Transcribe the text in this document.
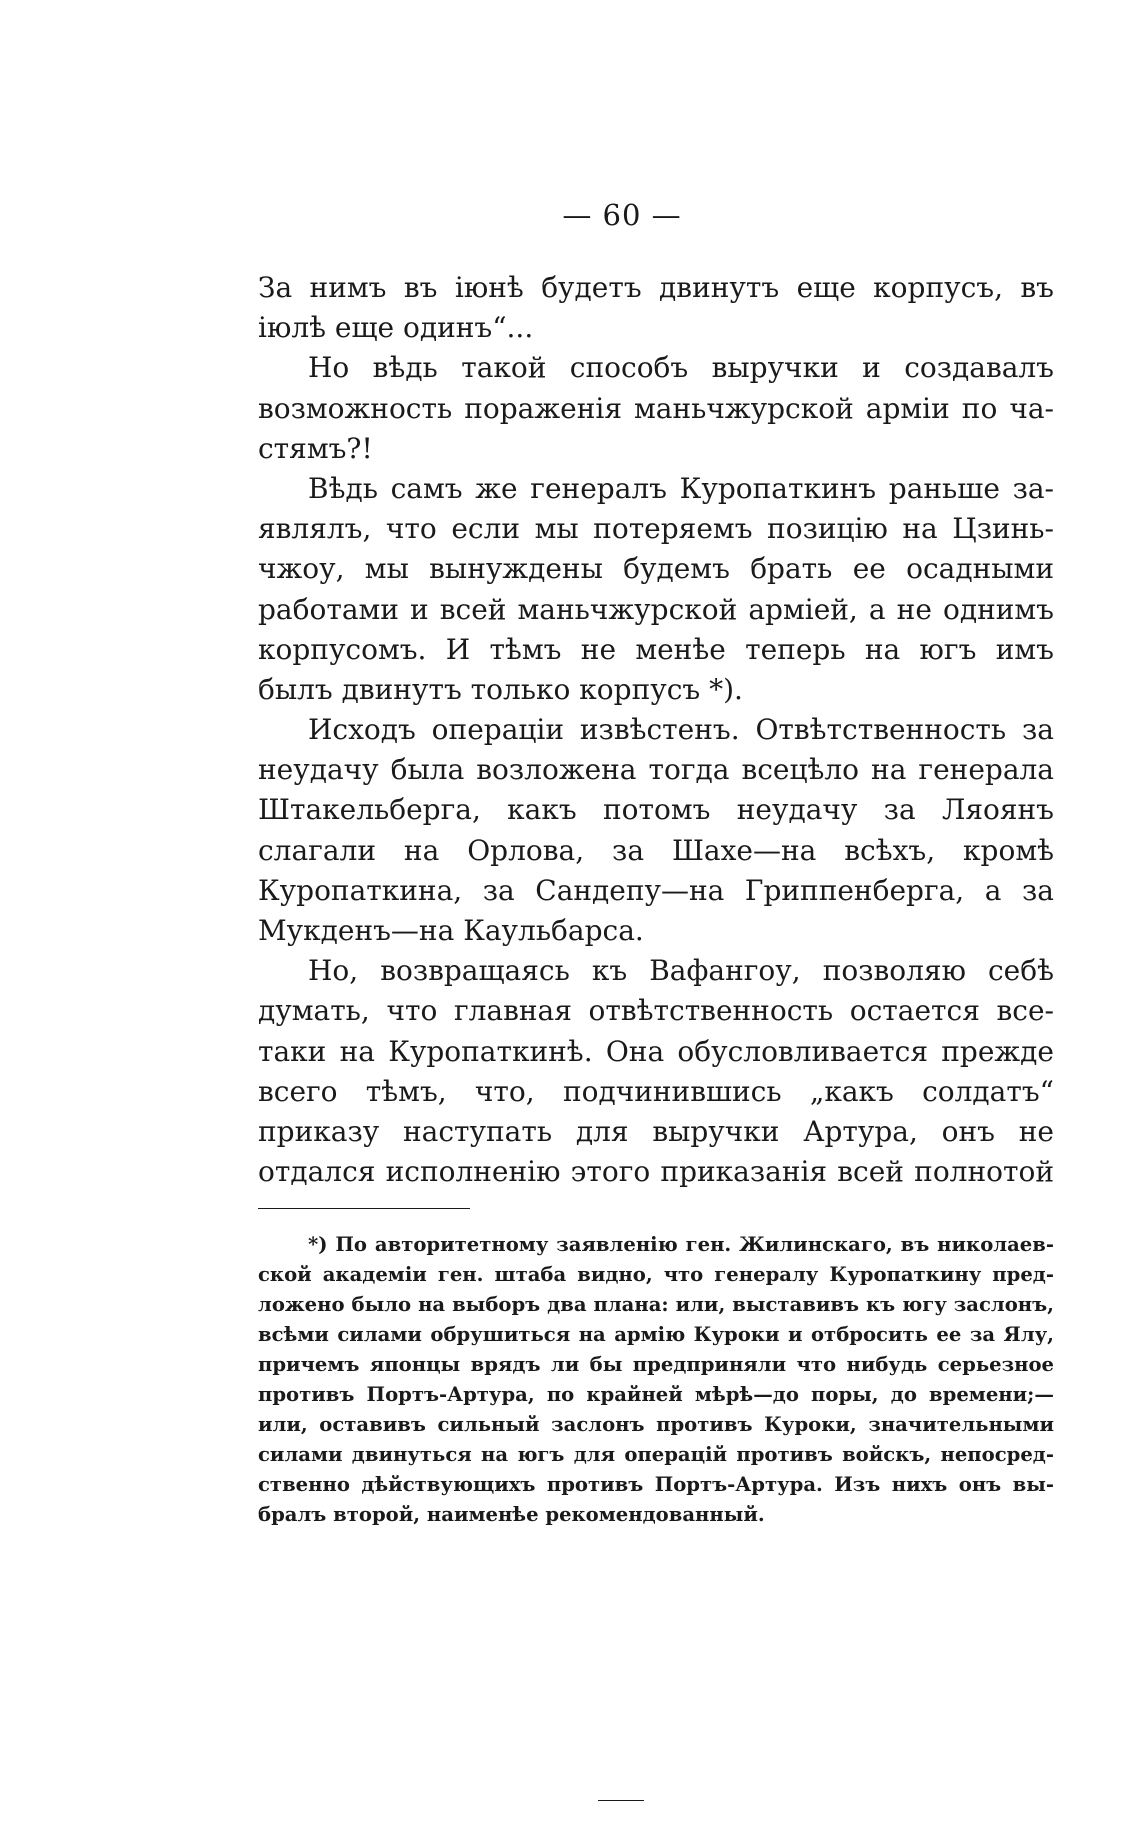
— 60 —
За нимъ въ іюнѣ будетъ двинутъ еще корпусъ, въ
іюлѣ еще одинъ“...
Но вѣдь такой способъ выручки и создавалъ
возможность пораженія маньчжурской арміи по ча-
стямъ?!
Вѣдь самъ же генералъ Куропаткинъ раньше за-
являлъ, что если мы потеряемъ позицію на Цзинь-
чжоу, мы вынуждены будемъ брать ее осадными
работами и всей маньчжурской арміей, а не однимъ
корпусомъ. И тѣмъ не менѣе теперь на югъ имъ
былъ двинутъ только корпусъ *).
Исходъ операціи извѣстенъ. Отвѣтственность за
неудачу была возложена тогда всецѣло на генерала
Штакельберга, какъ потомъ неудачу за Ляоянъ
слагали на Орлова, за Шахе—на всѣхъ, кромѣ
Куропаткина, за Сандепу—на Гриппенберга, а за
Мукденъ—на Каульбарса.
Но, возвращаясь къ Вафангоу, позволяю себѣ
думать, что главная отвѣтственность остается все-
таки на Куропаткинѣ. Она обусловливается прежде
всего тѣмъ, что, подчинившись „какъ солдатъ“
приказу наступать для выручки Артура, онъ не
отдался исполненію этого приказанія всей полнотой
*) По авторитетному заявленію ген. Жилинскаго, въ николаев-
ской академіи ген. штаба видно, что генералу Куропаткину пред-
ложено было на выборъ два плана: или, выставивъ къ югу заслонъ,
всѣми силами обрушиться на армію Куроки и отбросить ее за Ялу,
причемъ японцы врядъ ли бы предприняли что нибудь серьезное
противъ Портъ-Артура, по крайней мѣрѣ—до поры, до времени;—
или, оставивъ сильный заслонъ противъ Куроки, значительными
силами двинуться на югъ для операцій противъ войскъ, непосред-
ственно дѣйствующихъ противъ Портъ-Артура. Изъ нихъ онъ вы-
бралъ второй, наименѣе рекомендованный.
